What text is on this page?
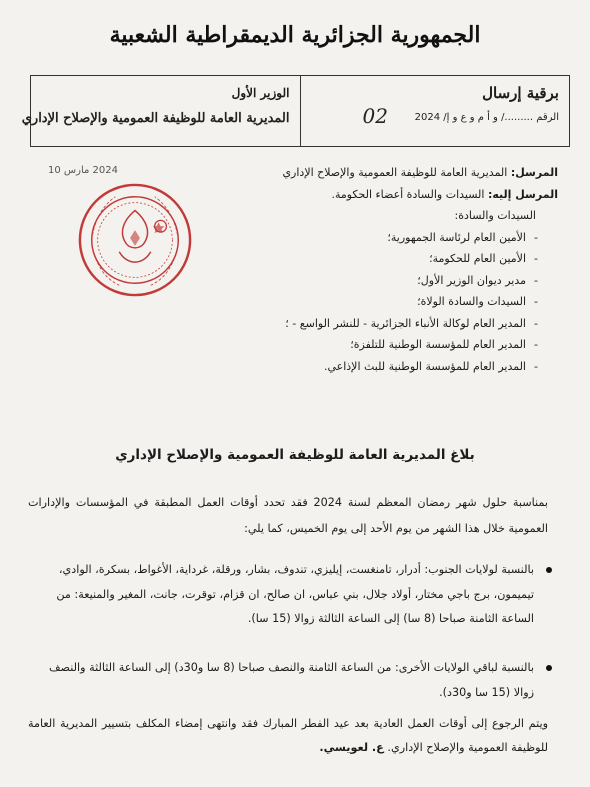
الجمهورية الجزائرية الديمقراطية الشعبية
برقية إرسال
الرقم ........./ و أ م و ع و إ/ 2024
02
الوزير الأول
المديرية العامة للوظيفة العمومية والإصلاح الإداري
2024 مارس 10	المرسل: المديرية العامة للوظيفة العمومية والإصلاح الإداري
المرسل إليه: السيدات والسادة أعضاء الحكومة.
السيدات والسادة:
- الأمين العام لرئاسة الجمهورية؛
- الأمين العام للحكومة؛
- مدير ديوان الوزير الأول؛
- السيدات والسادة الولاة؛
- المدير العام لوكالة الأنباء الجزائرية - للنشر الواسع - ؛
- المدير العام للمؤسسة الوطنية للتلفزة؛
- المدير العام للمؤسسة الوطنية للبث الإذاعي.
بلاغ المديرية العامة للوظيفة العمومية والإصلاح الإداري
بمناسبة حلول شهر رمضان المعظم لسنة 2024 فقد تحدد أوقات العمل المطبقة في المؤسسات والإدارات العمومية خلال هذا الشهر من يوم الأحد إلى يوم الخميس، كما يلي:
بالنسبة لولايات الجنوب: أدرار، تامنغست، إيليزي، تندوف، بشار، ورقلة، غرداية، الأغواط، بسكرة، الوادي، تيميمون، برج باجي مختار، أولاد جلال، بني عباس، ان صالح، ان قزام، توقرت، جانت، المغير والمنيعة: من الساعة الثامنة صباحا (8 سا) إلى الساعة الثالثة زوالا (15 سا).
بالنسبة لباقي الولايات الأخرى: من الساعة الثامنة والنصف صباحا (8 سا و30د) إلى الساعة الثالثة والنصف زوالا (15 سا و30د).
ويتم الرجوع إلى أوقات العمل العادية بعد عيد الفطر المبارك فقد وانتهى إمضاء المكلف بتسيير المديرية العامة للوظيفة العمومية والإصلاح الإداري. ع. لعويسي.
